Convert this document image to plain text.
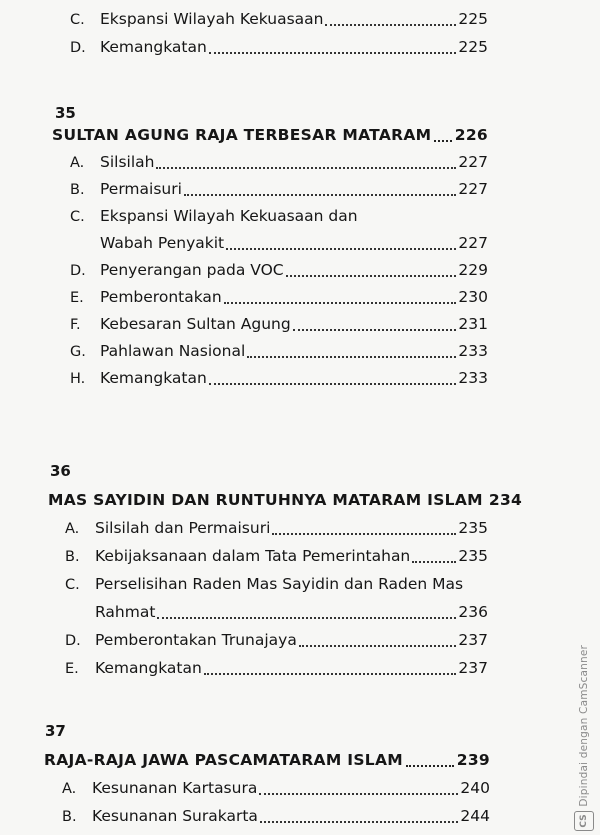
C. Ekspansi Wilayah Kekuasaan	225
D. Kemangkatan	225
35
SULTAN AGUNG RAJA TERBESAR MATARAM 226
A.	Silsilah	227
B. Permaisuri	227
C. Ekspansi Wilayah Kekuasaan dan
Wabah Penyakit	227
D. Penyerangan pada VOC	229
E.	Pemberontakan	230
F.	Kebesaran Sultan Agung	231
G. Pahlawan Nasional	233
H. Kemangkatan	233
36
MAS SAYIDIN DAN RUNTUHNYA MATARAM ISLAM 234
A.	Silsilah dan Permaisuri	235
B. Kebijaksanaan dalam Tata Pemerintahan	235
C. Perselisihan Raden Mas Sayidin dan Raden Mas
Rahmat	236
D. Pemberontakan Trunajaya	237
E.	Kemangkatan	237
37
RAJA-RAJA JAWA PASCAMATARAM ISLAM	239
A.	Kesunanan Kartasura	240
B. Kesunanan Surakarta	244	CS
Dipindai dengan CamScanner
